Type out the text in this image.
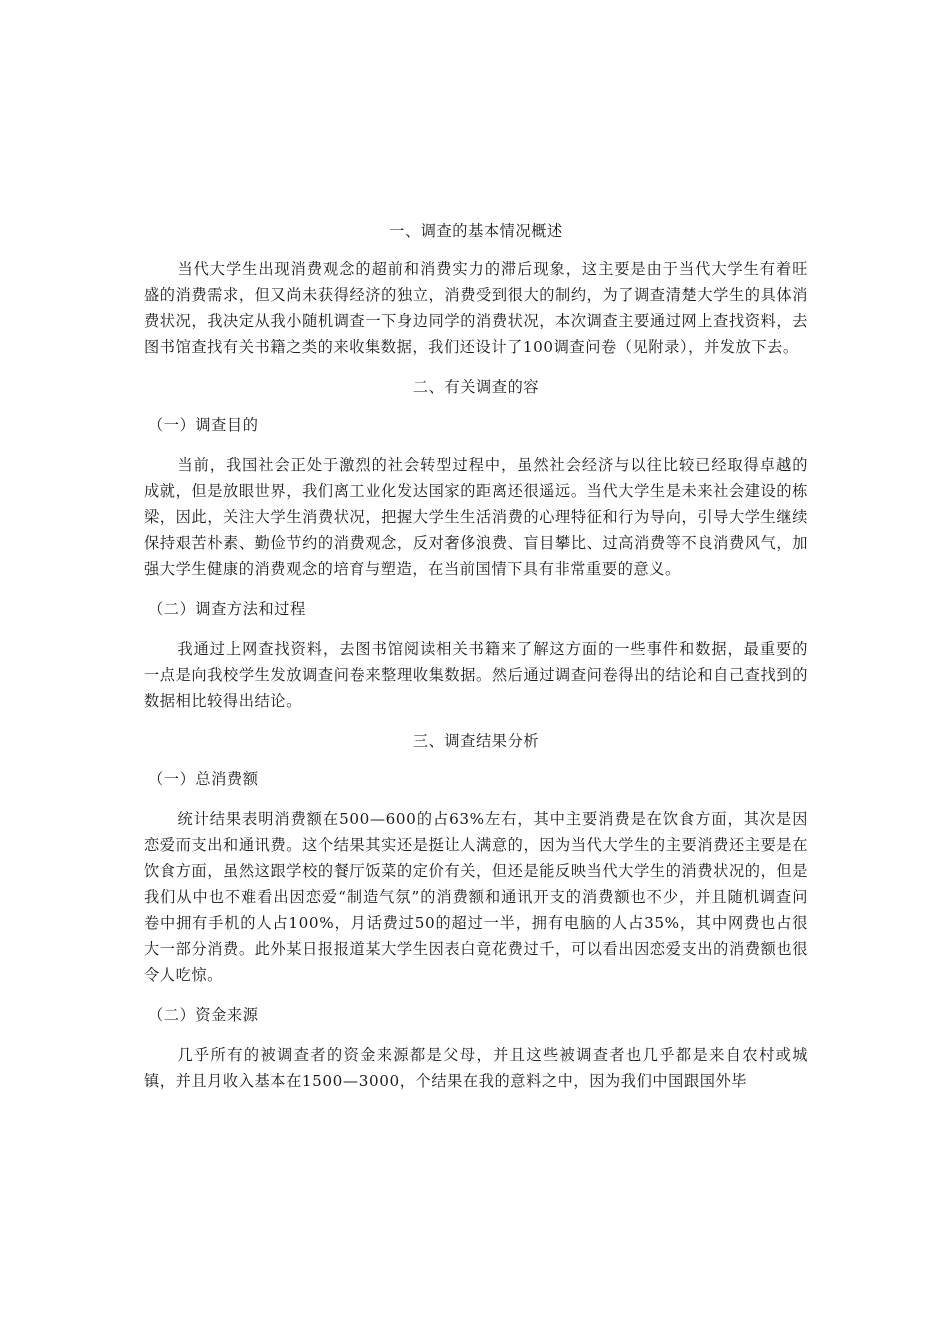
一、调查的基本情况概述

当代大学生出现消费观念的超前和消费实力的滞后现象，这主要是由于当代大学生有着旺盛的消费需求，但又尚未获得经济的独立，消费受到很大的制约，为了调查清楚大学生的具体消费状况，我决定从我小随机调查一下身边同学的消费状况，本次调查主要通过网上查找资料，去图书馆查找有关书籍之类的来收集数据，我们还设计了100调查问卷（见附录），并发放下去。

二、有关调查的容
（一）调查目的

当前，我国社会正处于激烈的社会转型过程中，虽然社会经济与以往比较已经取得卓越的成就，但是放眼世界，我们离工业化发达国家的距离还很遥远。当代大学生是未来社会建设的栋梁，因此，关注大学生消费状况，把握大学生生活消费的心理特征和行为导向，引导大学生继续保持艰苦朴素、勤俭节约的消费观念，反对奢侈浪费、盲目攀比、过高消费等不良消费风气，加强大学生健康的消费观念的培育与塑造，在当前国情下具有非常重要的意义。

（二）调查方法和过程

我通过上网查找资料，去图书馆阅读相关书籍来了解这方面的一些事件和数据，最重要的一点是向我校学生发放调查问卷来整理收集数据。然后通过调查问卷得出的结论和自己查找到的数据相比较得出结论。

三、调查结果分析
（一）总消费额

统计结果表明消费额在500—600的占63%左右，其中主要消费是在饮食方面，其次是因恋爱而支出和通讯费。这个结果其实还是挺让人满意的，因为当代大学生的主要消费还主要是在饮食方面，虽然这跟学校的餐厅饭菜的定价有关，但还是能反映当代大学生的消费状况的，但是我们从中也不难看出因恋爱“制造气氛”的消费额和通讯开支的消费额也不少，并且随机调查问卷中拥有手机的人占100%，月话费过50的超过一半，拥有电脑的人占35%，其中网费也占很大一部分消费。此外某日报报道某大学生因表白竟花费过千，可以看出因恋爱支出的消费额也很令人吃惊。

（二）资金来源

几乎所有的被调查者的资金来源都是父母，并且这些被调查者也几乎都是来自农村或城镇，并且月收入基本在1500—3000，个结果在我的意料之中，因为我们中国跟国外毕
